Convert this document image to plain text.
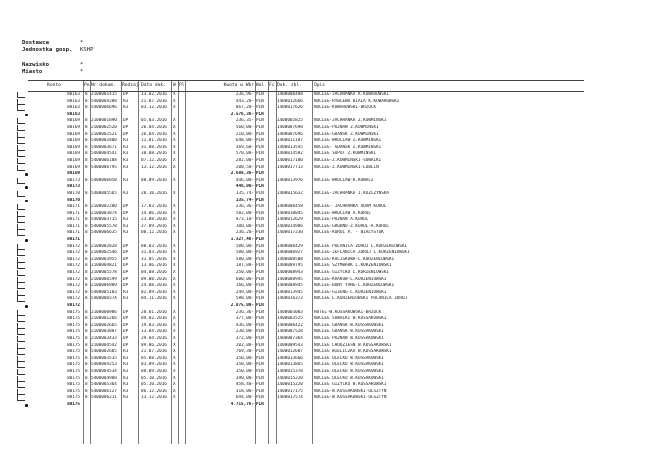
Dostawca	*
Jednostka gosp. KSHP
Nazwisko	*
Miasto	*
Konto	Po Nr dokum. Rodzaj Data dok. W Pl	Kwota w Wbr Wal Fc Dok. zbl.	Opis
80163 8 2100001415 DP	13.02.2016 X	236,96- PLN	1400006488	NOCLEG-JACHRANKA K.KOWAROWSKI
80163 8 5400004288 R3	21.07.2016 X	443,20- PLN	1400012666	NOCLEG-RYBLEWO BIALA K.KOWAROWSKI
80163 8 5400006696 R3	03.12.2016 X	867,20- PLN	1400017626	NOCLEG-KOWAROWSKI-BRZOCK
80163	2.576,36- PLN
80169 8 2100001890 DP	05.03.2016 X	236,35- PLN	1400005825	NOCLEG-JACHRANKA Z.KOWMINSKI
80169 8 2100002520 DP	26.04.2016 X	560,00- PLN	1400007698	NOCLEG-POZNAN Z.KOWMINSKI
80169 8 2100002521 DP	26.04.2016 X	210,00- PLN	1400007696	NOCLEG-GDANSK Z.KOWMINSKI
80169 8 5400002800 R3	11.01.2016 X	648,00- PLN	1400011187	NOCLEG-WROCLAW Z.KOWMINSKI
80169 8 5400003671 R3	31.08.2016 X	369,60- PLN	1400013545	NOCLEG- GDANSK Z.KOWMINSKI
80169 8 5400004541 R3	30.08.2016 X	570,00- PLN	1400014582	NOCLEG SOPOT Z.KOWMINSKI
80169 8 5400006188 R3	07.12.2016 X	282,00- PLN	1400017180	NOCLEG-Z.KOWMINSKI-SUWALKI
80169 8 5400006795 R3	13.12.2016 X	200,50- PLN	1400017713	NOCLEG-Z.KOWMINSKI-LUBLIN
80169	2.688,36- PLN
80173 8 5400006050 R3	08.09.2016 X	446,00- PLN	1400013976	NOCLEG-WROCLAW-K.KOWACZ
80173	446,00- PLN
80170 8 5400005565 R3	20.10.2016 X	135,74- PLN	1400015632	NOCLEG-JACHRANKA J.KOZCZYNSKA
80170	135,74- PLN
80171 8 2100002280 DP	17.03.2016 X	236,36- PLN	1400006458	NOCLEG- JACHRANKA ADAM KOROL
80171 8 2100003074 DP	14.06.2016 X	582,00- PLN	1400010045	NOCLEG-WROCLAW A.KOROL
80171 8 5400003715 R3	23.08.2016 X	473,10- PLN	1400012629	NOCLEG-POZNAN A.KOROL
80171 8 5400005578 R3	27.09.2016 X	100,00- PLN	1400014986	NOCLEG-GRODNO-Z.KOROL-A.KOROL
80171 8 5400006635 R3	08.12.2016 X	236,20- PLN	1400017230	NOCLEG-KOROL A. - BIALYSTOK
80171	1.327,46- PLN
80172 8 2100002828 DP	08.03.2016 X	580,00- PLN	1400006429	NOCLEG POLANICA ZDROJ L.KORZENIOWSKI
80172 8 2100002546 DP	31.03.2016 X	580,00- PLN	1400006927	NOCLEG-JEFLANICA ZDROJ L.KORZENIOWSKI
80172 8 2100003955 DP	31.05.2016 X	580,00- PLN	1400008508	NOCLEG-KALISKOWO-L.KORZENIOWSKI
80172 8 2100004821 DP	13.06.2016 X	187,00- PLN	1400009795	NOCLEG SZYMBARK L.KORZENIOWSKI
80172 8 2100005578 DP	04.08.2016 X	250,00- PLN	1400008943	NOCLEG GIZYCKO L.KORZENIOWSKI
80172 8 2100006599 DP	09.08.2016 X	600,00- PLN	1400008945	NOCLEG-KRAKOW-L.KORZENIOWSKI
80172 8 2100006909 DP	24.08.2016 X	166,00- PLN	1400008945	NOCLEG-BONY YANG-L.KORZENIOWSKI
80172 8 5400005103 R3	02.09.2016 X	249,00- PLN	1400013945	NOCLEG-GIZENG-L.KORZENIOWSKI
80172 8 5400006574 R3	04.11.2016 X	588,00- PLN	1400016373	NOCLEG L.KORZENIOWSKI POLANICA ZDROJ
80172	2.875,00- PLN
80175 8 2100000986 DP	28.01.2016 X	236,36- PLN	1400003083	HOTEL-W.KOSSAKOWSKI-BRZOCK
80175 8 2100001266 DP	09.02.2016 X	377,00- PLN	1400003525	NOCLEG SUWALKI W.KOSSAKOWSKI
80175 8 2100002665 DP	19.03.2016 X	436,00- PLN	1400006422	NOCLEG GDANSK W.KOSSAKOWSKI
80175 8 2100003087 DP	13.04.2016 X	230,00- PLN	1400007528	NOCLEG GDANSK W.KOSSAKOWSKI
80175 8 2100003433 DP	29.04.2016 X	372,00- PLN	1400007364	NOCLEG POZNAN W.KOSSAKOWSKI
80175 8 2100004542 DP	09.06.2016 X	202,00- PLN	1400009543	NOCLEG CHODZIESN W.KOSSAKOWSKI
80175 8 5400002605 R3	21.07.2016 X	769,30- PLN	1400012607	NOCLEG WIELICZKA W.KOSSAKOWSKI
80175 8 5400003535 R3	05.08.2016 X	350,00- PLN	1400013666	NOCLEG OLECKO W.KOSSAKOWSKI
80175 8 5400004253 R3	03.09.2016 X	350,00- PLN	1400013865	NOCLEG OLECKO W.KOSSAKOWSKI
80175 8 5400004534 R3	08.09.2016 X	350,00- PLN	1400015378	NOCLEG OLECKO W.KOSSAKOWSKI
80175 8 5400004988 R3	05.10.2016 X	390,00- PLN	1400015220	NOCLEG OLECKO W.KOSSAKOWSKI
80175 8 5400005364 R3	05.10.2016 X	458,40- PLN	1400015220	NOCLEG GIZYCKO W.KOSSAKOWSKI
80175 8 5400006127 R3	06.12.2016 X	318,00- PLN	1400017175	NOCLEG-W.KOSSAKOWSKI-OLSZTYN
80175 8 5400006211 R3	13.12.2016 X	694,00- PLN	1400017574	NOCLEG-W.KOSSAKOWSKI-OLSZTYN
80175	4.715,76- PLN
